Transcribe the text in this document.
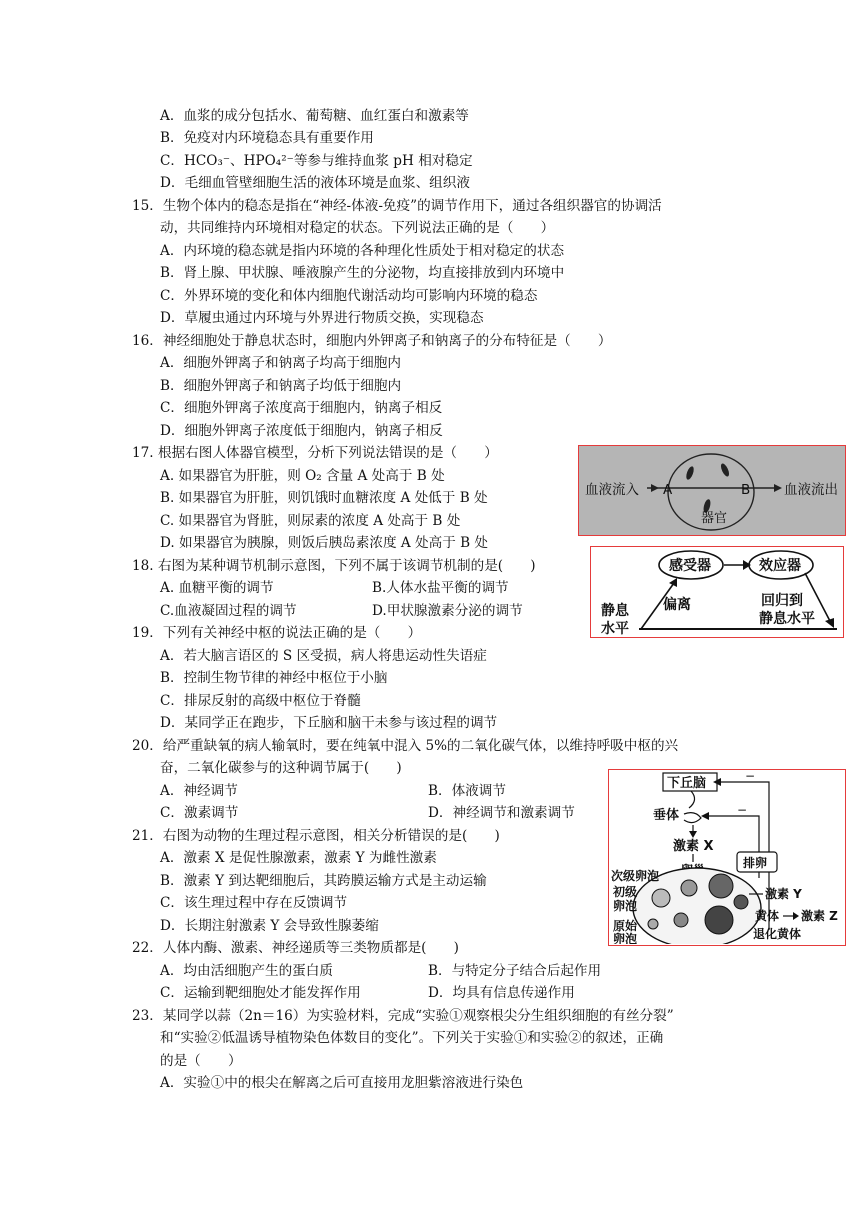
A．血浆的成分包括水、葡萄糖、血红蛋白和激素等
B．免疫对内环境稳态具有重要作用
C．HCO₃⁻、HPO₄²⁻等参与维持血浆 pH 相对稳定
D．毛细血管壁细胞生活的液体环境是血浆、组织液
15．生物个体内的稳态是指在“神经-体液-免疫”的调节作用下，通过各组织器官的协调活
动，共同维持内环境相对稳定的状态。下列说法正确的是（　　）
A．内环境的稳态就是指内环境的各种理化性质处于相对稳定的状态
B．肾上腺、甲状腺、唾液腺产生的分泌物，均直接排放到内环境中
C．外界环境的变化和体内细胞代谢活动均可影响内环境的稳态
D．草履虫通过内环境与外界进行物质交换，实现稳态
16．神经细胞处于静息状态时，细胞内外钾离子和钠离子的分布特征是（　　）
A．细胞外钾离子和钠离子均高于细胞内
B．细胞外钾离子和钠离子均低于细胞内
C．细胞外钾离子浓度高于细胞内，钠离子相反
D．细胞外钾离子浓度低于细胞内，钠离子相反
17. 根据右图人体器官模型，分析下列说法错误的是（　　）
A. 如果器官为肝脏，则 O₂ 含量 A 处高于 B 处
B. 如果器官为肝脏，则饥饿时血糖浓度 A 处低于 B 处
C. 如果器官为肾脏，则尿素的浓度 A 处高于 B 处
D. 如果器官为胰腺，则饭后胰岛素浓度 A 处高于 B 处
血液流入 A	B 血液流出
器官
18. 右图为某种调节机制示意图，下列不属于该调节机制的是(　　)
A. 血糖平衡的调节	B.人体水盐平衡的调节
C.血液凝固过程的调节	D.甲状腺激素分泌的调节
感受器	效应器
静息
水平
偏离	回归到
静息水平
19．下列有关神经中枢的说法正确的是（　　）
A．若大脑言语区的 S 区受损，病人将患运动性失语症
B．控制生物节律的神经中枢位于小脑
C．排尿反射的高级中枢位于脊髓
D．某同学正在跑步，下丘脑和脑干未参与该过程的调节
20．给严重缺氧的病人输氧时，要在纯氧中混入 5%的二氧化碳气体，以维持呼吸中枢的兴
奋，二氧化碳参与的这种调节属于(　　)
A．神经调节	B．体液调节
C．激素调节	D．神经调节和激素调节
下丘脑
垂体
激素 X
−
−
排卵
次级卵泡
初级
卵泡
原始
卵泡
激素 Y
黄体 激素 Z
退化黄体
21．右图为动物的生理过程示意图，相关分析错误的是(　　)
A．激素 X 是促性腺激素，激素 Y 为雌性激素
B．激素 Y 到达靶细胞后，其跨膜运输方式是主动运输
C．该生理过程中存在反馈调节
D．长期注射激素 Y 会导致性腺萎缩
22．人体内酶、激素、神经递质等三类物质都是(　　)
A．均由活细胞产生的蛋白质	B．与特定分子结合后起作用
C．运输到靶细胞处才能发挥作用	D．均具有信息传递作用
23．某同学以蒜（2n＝16）为实验材料，完成“实验①观察根尖分生组织细胞的有丝分裂”
和“实验②低温诱导植物染色体数目的变化”。下列关于实验①和实验②的叙述，正确
的是（　　）
A．实验①中的根尖在解离之后可直接用龙胆紫溶液进行染色
